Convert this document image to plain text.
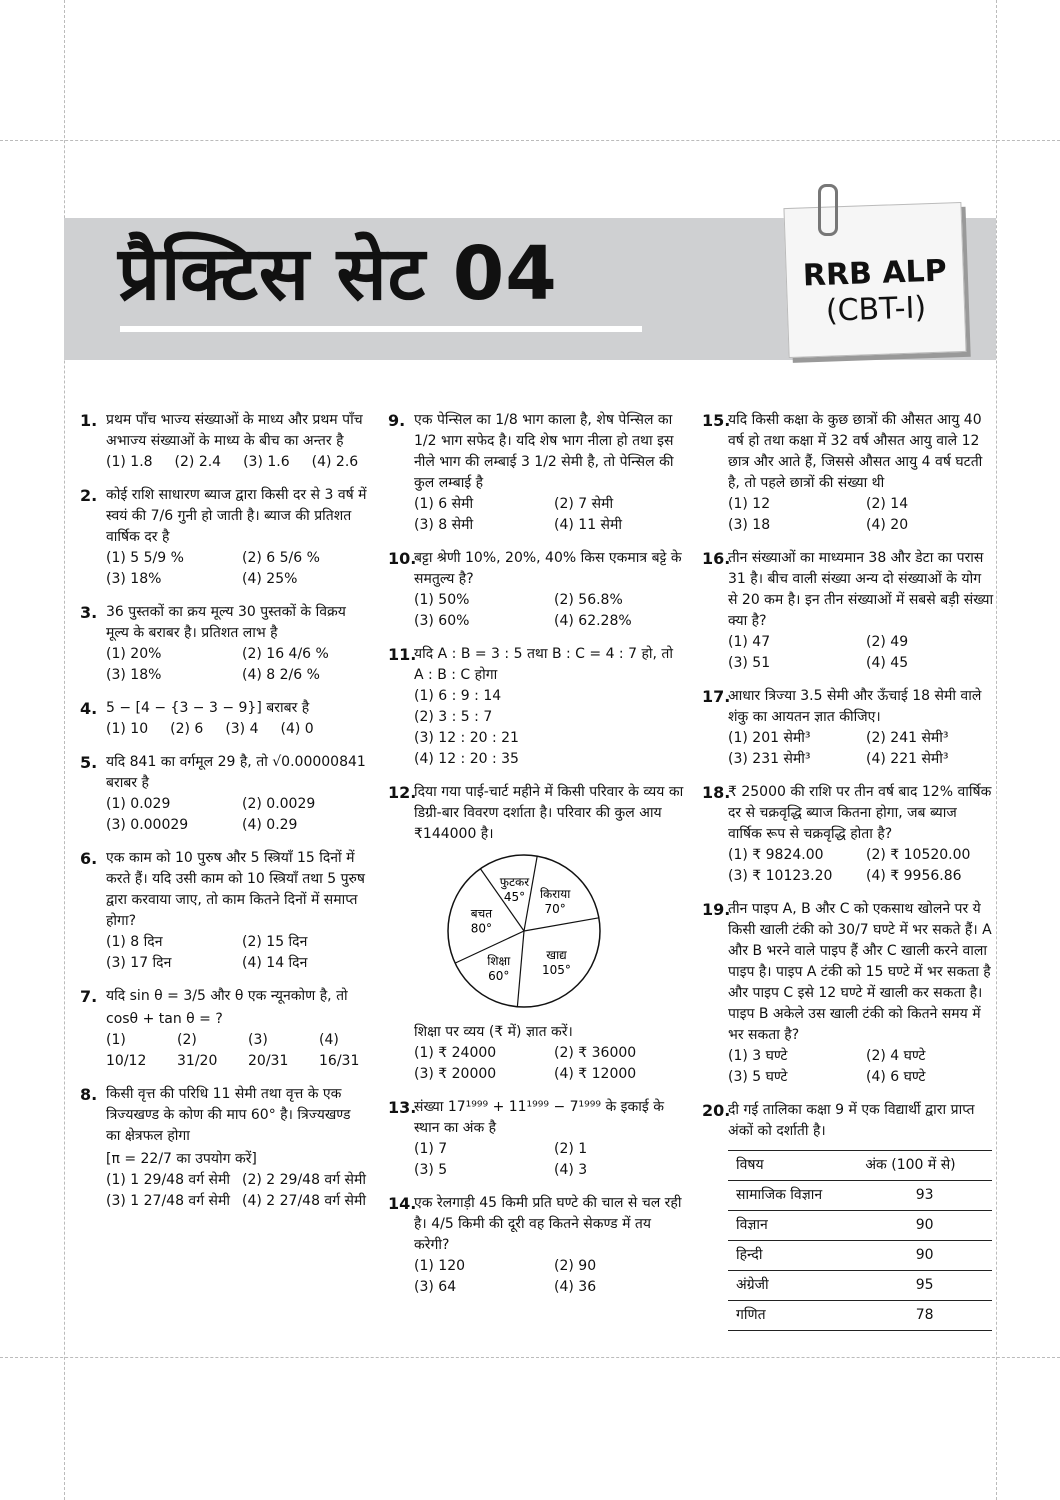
प्रैक्टिस सेट 04	RRB ALP
(CBT-I)
1. प्रथम पाँच भाज्य संख्याओं के माध्य और प्रथम पाँच अभाज्य संख्याओं के माध्य के बीच का अन्तर है
(1) 1.8 (2) 2.4 (3) 1.6 (4) 2.6
2. कोई राशि साधारण ब्याज द्वारा किसी दर से 3 वर्ष में स्वयं की 7/6 गुनी हो जाती है। ब्याज की प्रतिशत वार्षिक दर है
(1) 5 5/9 %	(2) 6 5/6 %
(3) 18%	(4) 25%
3. 36 पुस्तकों का क्रय मूल्य 30 पुस्तकों के विक्रय मूल्य के बराबर है। प्रतिशत लाभ है
(1) 20%	(2) 16 4/6 %
(3) 18%	(4) 8 2/6 %
4. 5 − [4 − {3 − 3 − 9}] बराबर है
(1) 10 (2) 6 (3) 4 (4) 0
5. यदि 841 का वर्गमूल 29 है, तो √0.00000841 बराबर है
(1) 0.029	(2) 0.0029
(3) 0.00029	(4) 0.29
6. एक काम को 10 पुरुष और 5 स्त्रियाँ 15 दिनों में करते हैं। यदि उसी काम को 10 स्त्रियाँ तथा 5 पुरुष द्वारा करवाया जाए, तो काम कितने दिनों में समाप्त होगा?
(1) 8 दिन	(2) 15 दिन
(3) 17 दिन	(4) 14 दिन
7. यदि sin θ = 3/5 और θ एक न्यूनकोण है, तो
cosθ + tan θ = ?
(1) 10/12
(2) 31/20
(3) 20/31
(4) 16/31
8. किसी वृत्त की परिधि 11 सेमी तथा वृत्त के एक त्रिज्यखण्ड के कोण की माप 60° है। त्रिज्यखण्ड का क्षेत्रफल होगा
[π = 22/7 का उपयोग करें]
(1) 1 29/48 वर्ग सेमी (2) 2 29/48 वर्ग सेमी
(3) 1 27/48 वर्ग सेमी (4) 2 27/48 वर्ग सेमी
9. एक पेन्सिल का 1/8 भाग काला है, शेष पेन्सिल का 1/2 भाग सफेद है। यदि शेष भाग नीला हो तथा इस नीले भाग की लम्बाई 3 1/2 सेमी है, तो पेन्सिल की कुल लम्बाई है
(1) 6 सेमी	(2) 7 सेमी
(3) 8 सेमी	(4) 11 सेमी
10.
बट्टा श्रेणी 10%, 20%, 40% किस एकमात्र बट्टे के समतुल्य है?
(1) 50%	(2) 56.8%
(3) 60%	(4) 62.28%
11.
यदि A : B = 3 : 5 तथा B : C = 4 : 7 हो, तो A : B : C होगा
(1) 6 : 9 : 14
(2) 3 : 5 : 7
(3) 12 : 20 : 21
(4) 12 : 20 : 35
12.
दिया गया पाई-चार्ट महीने में किसी परिवार के व्यय का डिग्री-बार विवरण दर्शाता है। परिवार की कुल आय ₹144000 है।
किराया
70°
खाद्य
105°
शिक्षा
60°
बचत
80°
फुटकर
45°
शिक्षा पर व्यय (₹ में) ज्ञात करें।
(1) ₹ 24000	(2) ₹ 36000
(3) ₹ 20000	(4) ₹ 12000
13.
संख्या 17¹⁹⁹⁹ + 11¹⁹⁹⁹ − 7¹⁹⁹⁹ के इकाई के स्थान का अंक है
(1) 7	(2) 1
(3) 5	(4) 3
14.
एक रेलगाड़ी 45 किमी प्रति घण्टे की चाल से चल रही है। 4/5 किमी की दूरी वह कितने सेकण्ड में तय करेगी?
(1) 120	(2) 90
(3) 64	(4) 36
15.
यदि किसी कक्षा के कुछ छात्रों की औसत आयु 40 वर्ष हो तथा कक्षा में 32 वर्ष औसत आयु वाले 12 छात्र और आते हैं, जिससे औसत आयु 4 वर्ष घटती है, तो पहले छात्रों की संख्या थी
(1) 12	(2) 14
(3) 18	(4) 20
16.
तीन संख्याओं का माध्यमान 38 और डेटा का परास 31 है। बीच वाली संख्या अन्य दो संख्याओं के योग से 20 कम है। इन तीन संख्याओं में सबसे बड़ी संख्या क्या है?
(1) 47	(2) 49
(3) 51	(4) 45
17.
आधार त्रिज्या 3.5 सेमी और ऊँचाई 18 सेमी वाले शंकु का आयतन ज्ञात कीजिए।
(1) 201 सेमी³	(2) 241 सेमी³
(3) 231 सेमी³	(4) 221 सेमी³
18.
₹ 25000 की राशि पर तीन वर्ष बाद 12% वार्षिक दर से चक्रवृद्धि ब्याज कितना होगा, जब ब्याज वार्षिक रूप से चक्रवृद्धि होता है?
(1) ₹ 9824.00	(2) ₹ 10520.00
(3) ₹ 10123.20	(4) ₹ 9956.86
19.
तीन पाइप A, B और C को एकसाथ खोलने पर ये किसी खाली टंकी को 30/7 घण्टे में भर सकते हैं। A और B भरने वाले पाइप हैं और C खाली करने वाला पाइप है। पाइप A टंकी को 15 घण्टे में भर सकता है और पाइप C इसे 12 घण्टे में खाली कर सकता है। पाइप B अकेले उस खाली टंकी को कितने समय में भर सकता है?
(1) 3 घण्टे	(2) 4 घण्टे
(3) 5 घण्टे	(4) 6 घण्टे
20.
दी गई तालिका कक्षा 9 में एक विद्यार्थी द्वारा प्राप्त अंकों को दर्शाती है।
विषय	अंक (100 में से)
सामाजिक विज्ञान	93
विज्ञान	90
हिन्दी	90
अंग्रेजी	95
गणित	78
